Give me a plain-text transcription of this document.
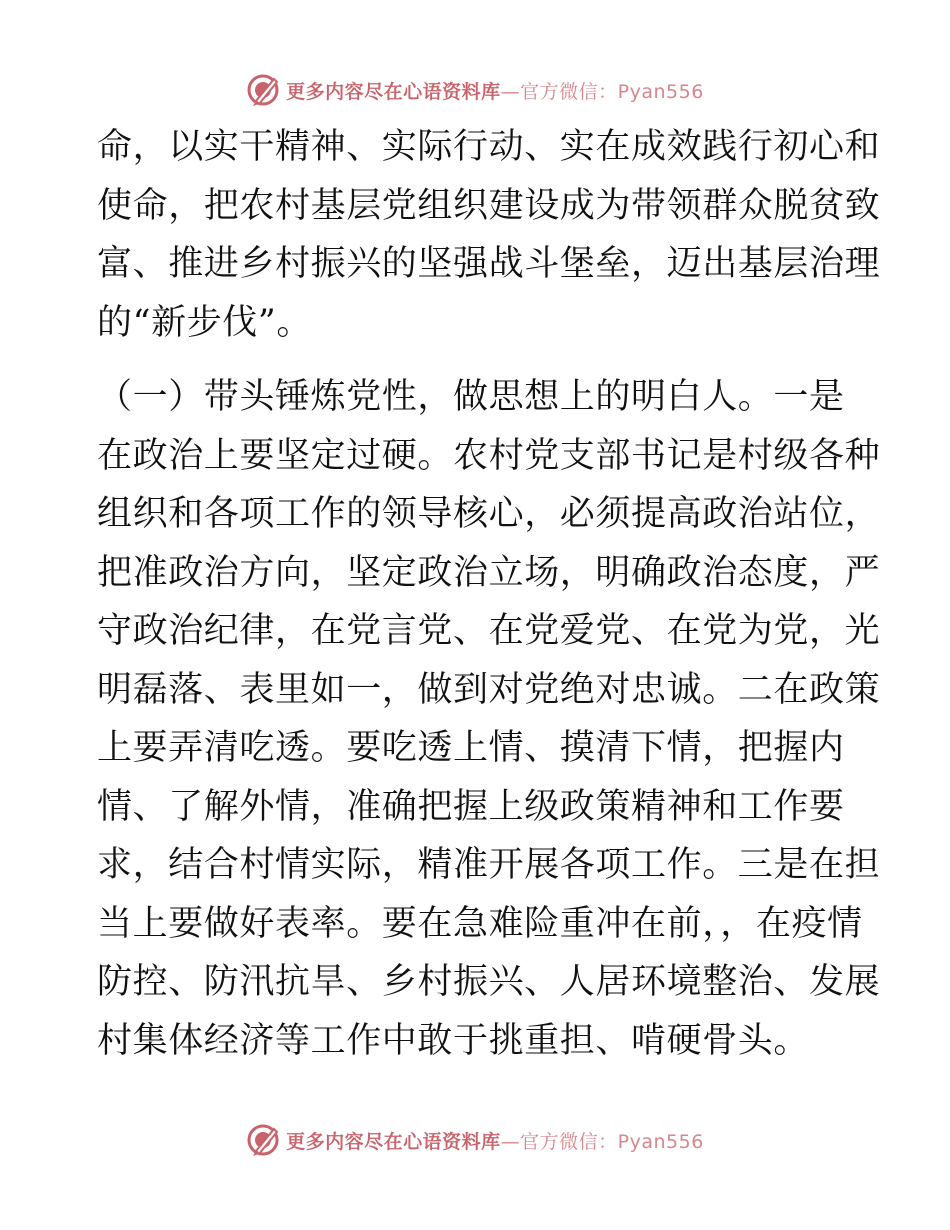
更多内容尽在心语资料库—官方微信：Pyan556
命，以实干精神、实际行动、实在成效践行初心和
使命，把农村基层党组织建设成为带领群众脱贫致
富、推进乡村振兴的坚强战斗堡垒，迈出基层治理
的“新步伐”。
（一）带头锤炼党性，做思想上的明白人。一是
在政治上要坚定过硬。农村党支部书记是村级各种
组织和各项工作的领导核心，必须提高政治站位，
把准政治方向，坚定政治立场，明确政治态度，严
守政治纪律，在党言党、在党爱党、在党为党，光
明磊落、表里如一，做到对党绝对忠诚。二在政策
上要弄清吃透。要吃透上情、摸清下情，把握内
情、了解外情，准确把握上级政策精神和工作要
求，结合村情实际，精准开展各项工作。三是在担
当上要做好表率。要在急难险重冲在前，，在疫情
防控、防汛抗旱、乡村振兴、人居环境整治、发展
村集体经济等工作中敢于挑重担、啃硬骨头。
更多内容尽在心语资料库—官方微信：Pyan556
